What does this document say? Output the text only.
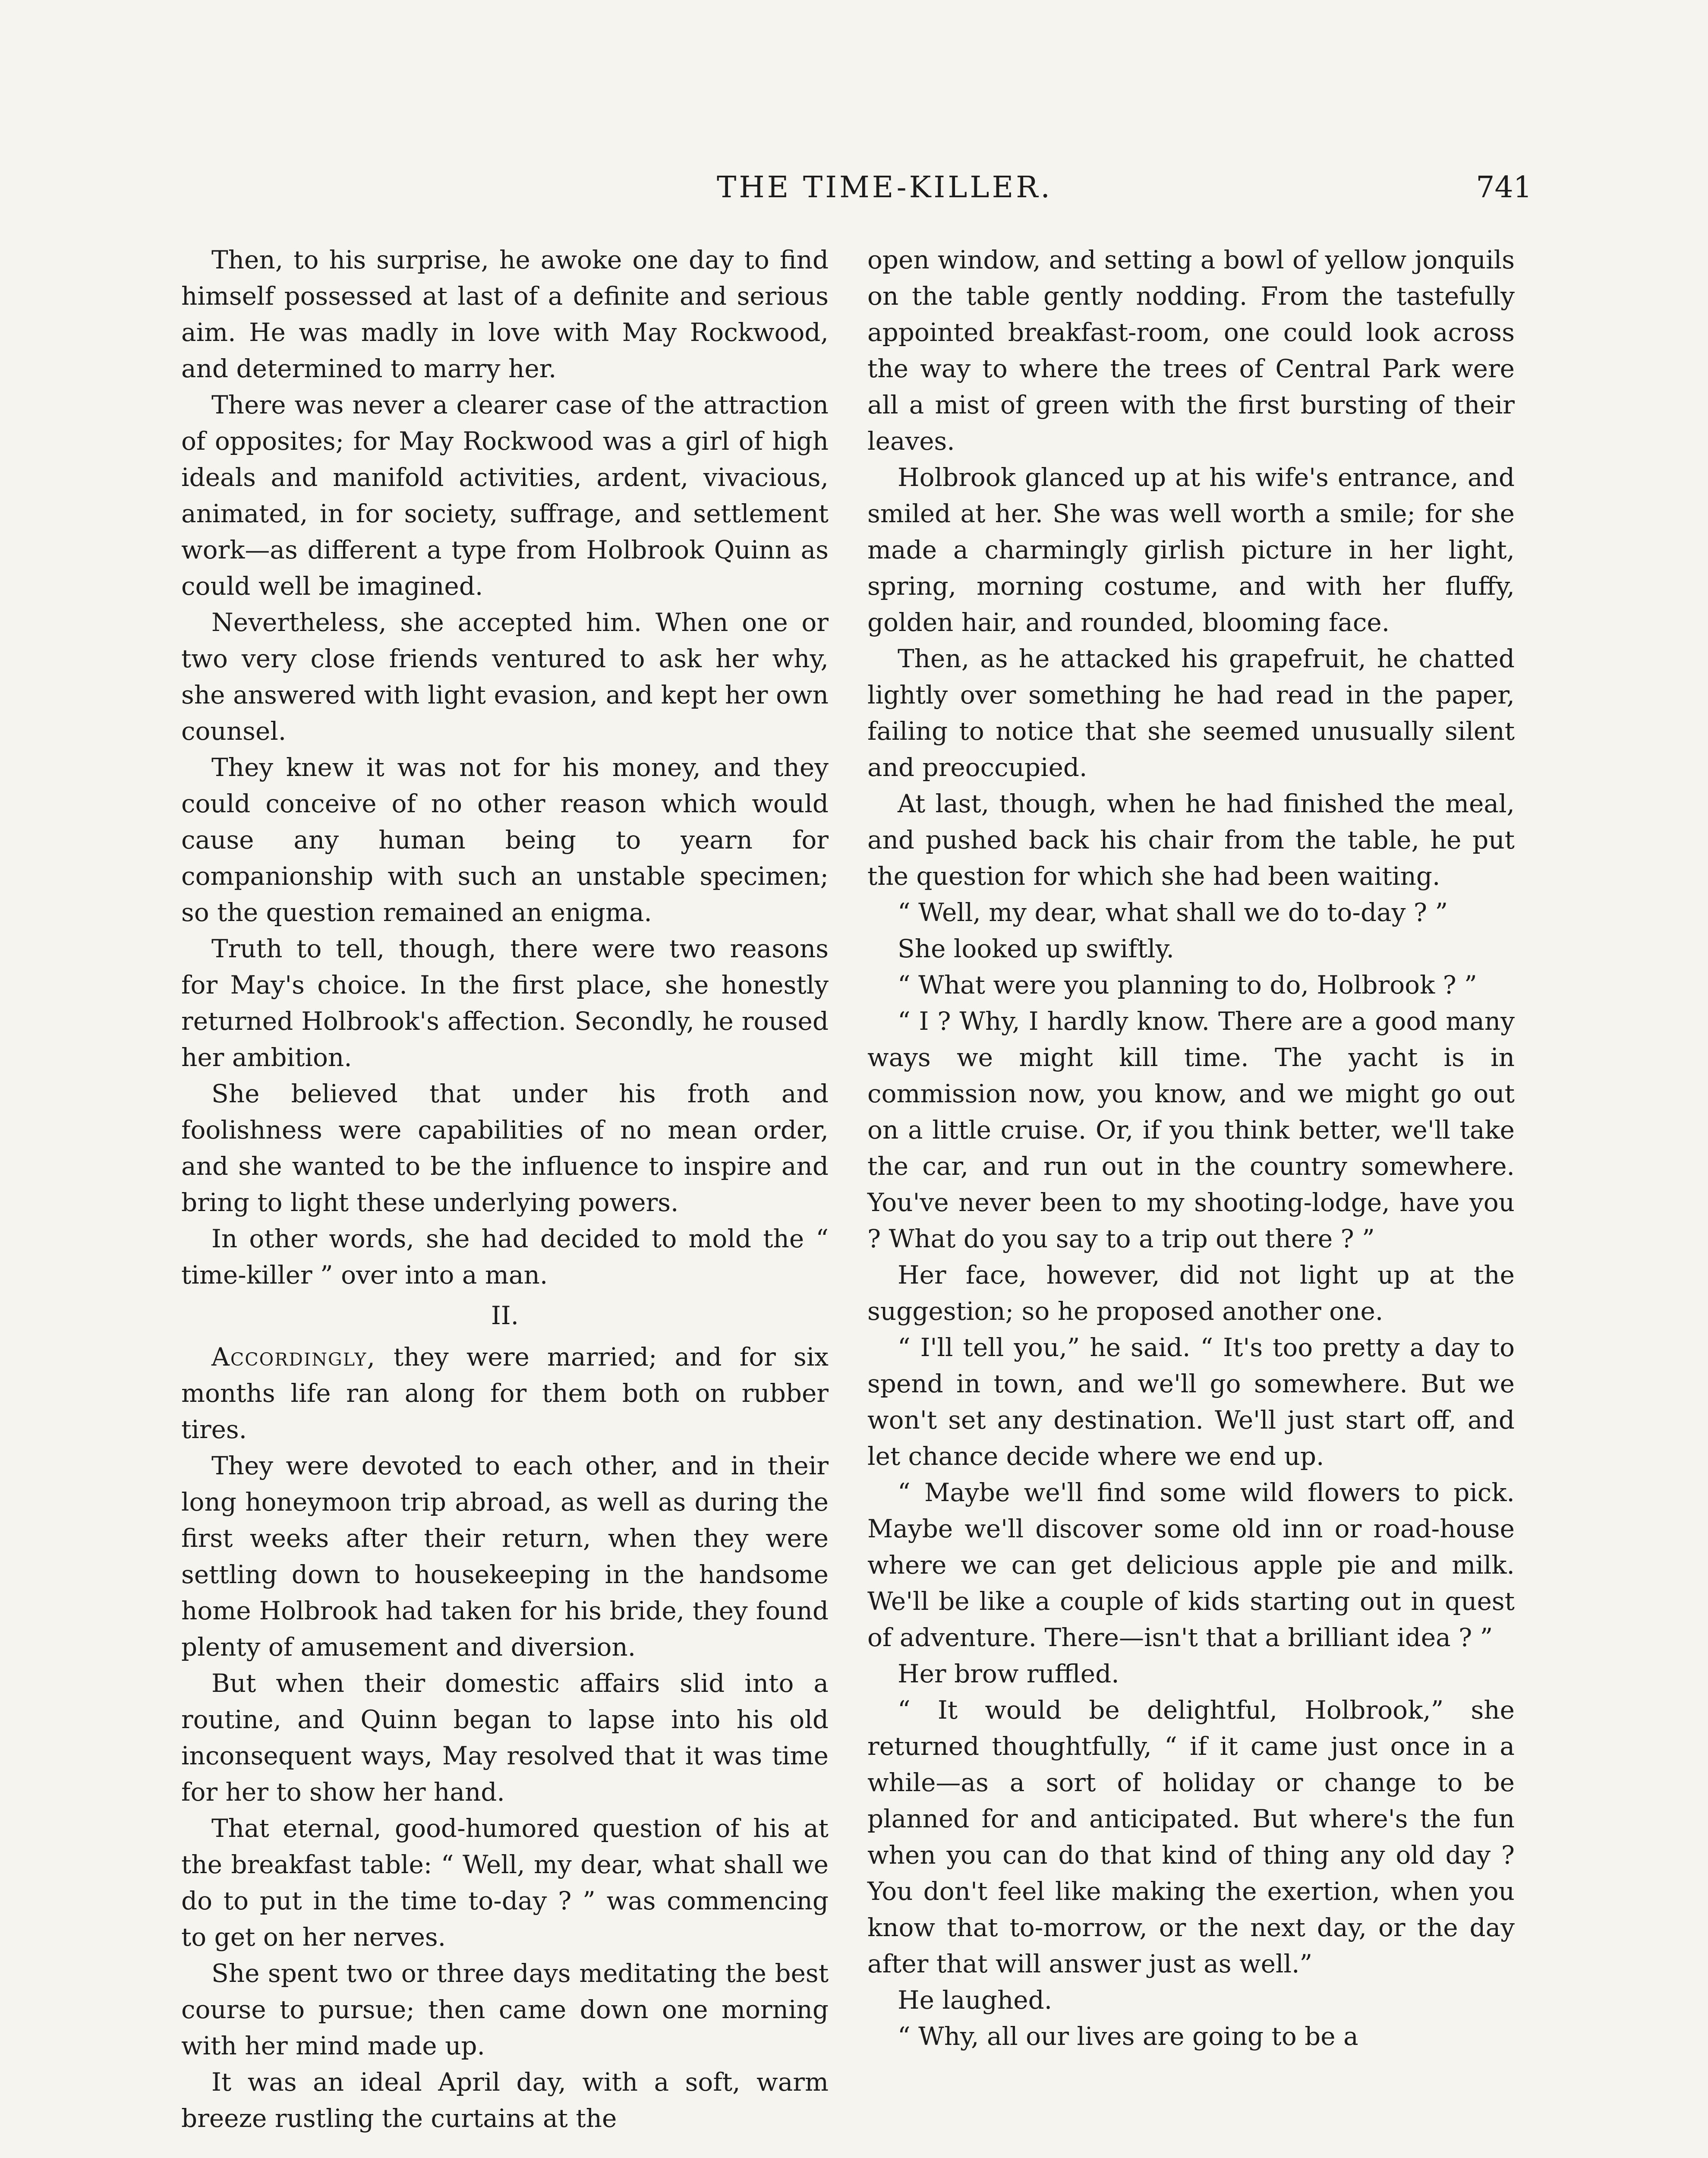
THE TIME-KILLER.	741

Then, to his surprise, he awoke one day to find himself possessed at last of a definite and serious aim. He was madly in love with May Rockwood, and determined to marry her.

There was never a clearer case of the attraction of opposites; for May Rockwood was a girl of high ideals and manifold activities, ardent, vivacious, animated, in for society, suffrage, and settlement work—as different a type from Holbrook Quinn as could well be imagined.

Nevertheless, she accepted him. When one or two very close friends ventured to ask her why, she answered with light evasion, and kept her own counsel.

They knew it was not for his money, and they could conceive of no other reason which would cause any human being to yearn for companionship with such an unstable specimen; so the question remained an enigma.

Truth to tell, though, there were two reasons for May's choice. In the first place, she honestly returned Holbrook's affection. Secondly, he roused her ambition.

She believed that under his froth and foolishness were capabilities of no mean order, and she wanted to be the influence to inspire and bring to light these underlying powers.

In other words, she had decided to mold the “ time-killer ” over into a man.

II.

Accordingly, they were married; and for six months life ran along for them both on rubber tires.

They were devoted to each other, and in their long honeymoon trip abroad, as well as during the first weeks after their return, when they were settling down to housekeeping in the handsome home Holbrook had taken for his bride, they found plenty of amusement and diversion.

But when their domestic affairs slid into a routine, and Quinn began to lapse into his old inconsequent ways, May resolved that it was time for her to show her hand.

That eternal, good-humored question of his at the breakfast table: “ Well, my dear, what shall we do to put in the time to-day ? ” was commencing to get on her nerves.

She spent two or three days meditating the best course to pursue; then came down one morning with her mind made up.

It was an ideal April day, with a soft, warm breeze rustling the curtains at the

open window, and setting a bowl of yellow jonquils on the table gently nodding. From the tastefully appointed breakfast-room, one could look across the way to where the trees of Central Park were all a mist of green with the first bursting of their leaves.

Holbrook glanced up at his wife's entrance, and smiled at her. She was well worth a smile; for she made a charmingly girlish picture in her light, spring, morning costume, and with her fluffy, golden hair, and rounded, blooming face.

Then, as he attacked his grapefruit, he chatted lightly over something he had read in the paper, failing to notice that she seemed unusually silent and preoccupied.

At last, though, when he had finished the meal, and pushed back his chair from the table, he put the question for which she had been waiting.

“ Well, my dear, what shall we do to-day ? ”

She looked up swiftly.

“ What were you planning to do, Holbrook ? ”

“ I ? Why, I hardly know. There are a good many ways we might kill time. The yacht is in commission now, you know, and we might go out on a little cruise. Or, if you think better, we'll take the car, and run out in the country somewhere. You've never been to my shooting-lodge, have you ? What do you say to a trip out there ? ”

Her face, however, did not light up at the suggestion; so he proposed another one.

“ I'll tell you,” he said. “ It's too pretty a day to spend in town, and we'll go somewhere. But we won't set any destination. We'll just start off, and let chance decide where we end up.

“ Maybe we'll find some wild flowers to pick. Maybe we'll discover some old inn or road-house where we can get delicious apple pie and milk. We'll be like a couple of kids starting out in quest of adventure. There—isn't that a brilliant idea ? ”

Her brow ruffled.

“ It would be delightful, Holbrook,” she returned thoughtfully, “ if it came just once in a while—as a sort of holiday or change to be planned for and anticipated. But where's the fun when you can do that kind of thing any old day ? You don't feel like making the exertion, when you know that to-morrow, or the next day, or the day after that will answer just as well.”

He laughed.

“ Why, all our lives are going to be a
